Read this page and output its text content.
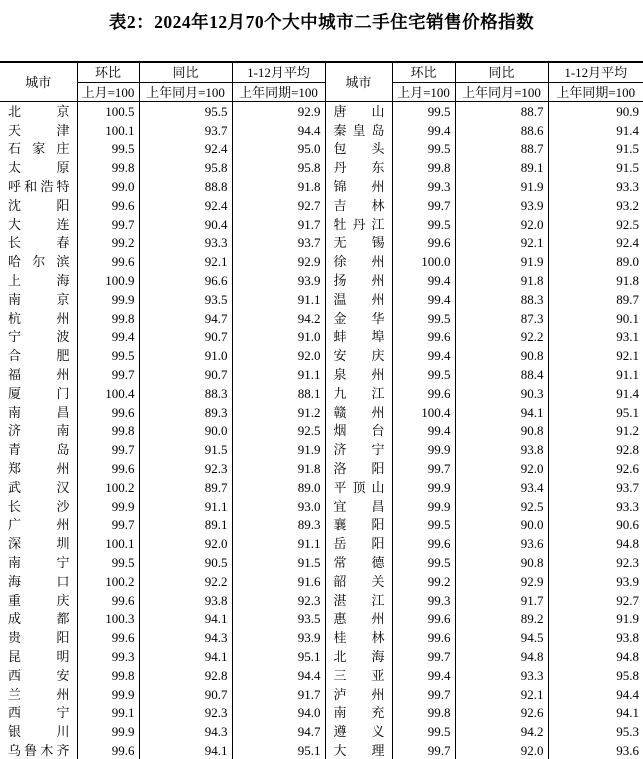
表2：2024年12月70个大中城市二手住宅销售价格指数
城市	环比	同比	1-12月平均	城市	环比	同比	1-12月平均
	上月=100	上年同月=100	上年同期=100		上月=100	上年同月=100	上年同期=100

北 京	100.5	95.5	92.9	唐 山	99.5	88.7	90.9

天 津	100.1	93.7	94.4	秦 皇 岛	99.4	88.6	91.4

石 家 庄	99.5	92.4	95.0	包 头	99.5	88.7	91.5

太 原	99.8	95.8	95.8	丹 东	99.8	89.1	91.5

呼 和 浩 特	99.0	88.8	91.8	锦 州	99.3	91.9	93.3

沈 阳	99.6	92.4	92.7	吉 林	99.7	93.9	93.2

大 连	99.7	90.4	91.7	牡 丹 江	99.5	92.0	92.5

长 春	99.2	93.3	93.7	无 锡	99.6	92.1	92.4

哈 尔 滨	99.6	92.1	92.9	徐 州	100.0	91.9	89.0

上 海	100.9	96.6	93.9	扬 州	99.4	91.8	91.8

南 京	99.9	93.5	91.1	温 州	99.4	88.3	89.7

杭 州	99.8	94.7	94.2	金 华	99.5	87.3	90.1

宁 波	99.4	90.7	91.0	蚌 埠	99.6	92.2	93.1

合 肥	99.5	91.0	92.0	安 庆	99.4	90.8	92.1

福 州	99.7	90.7	91.1	泉 州	99.5	88.4	91.1

厦 门	100.4	88.3	88.1	九 江	99.6	90.3	91.4

南 昌	99.6	89.3	91.2	赣 州	100.4	94.1	95.1

济 南	99.8	90.0	92.5	烟 台	99.4	90.8	91.2

青 岛	99.7	91.5	91.9	济 宁	99.9	93.8	92.8

郑 州	99.6	92.3	91.8	洛 阳	99.7	92.0	92.6

武 汉	100.2	89.7	89.0	平 顶 山	99.9	93.4	93.7

长 沙	99.9	91.1	93.0	宜 昌	99.9	92.5	93.3

广 州	99.7	89.1	89.3	襄 阳	99.5	90.0	90.6

深 圳	100.1	92.0	91.1	岳 阳	99.6	93.6	94.8

南 宁	99.5	90.5	91.5	常 德	99.5	90.8	92.3

海 口	100.2	92.2	91.6	韶 关	99.2	92.9	93.9

重 庆	99.6	93.8	92.3	湛 江	99.3	91.7	92.7

成 都	100.3	94.1	93.5	惠 州	99.6	89.2	91.9

贵 阳	99.6	94.3	93.9	桂 林	99.6	94.5	93.8

昆 明	99.3	94.1	95.1	北 海	99.7	94.8	94.8

西 安	99.8	92.8	94.4	三 亚	99.4	93.3	95.8

兰 州	99.9	90.7	91.7	泸 州	99.7	92.1	94.4

西 宁	99.1	92.3	94.0	南 充	99.8	92.6	94.1

银 川	99.9	94.3	94.7	遵 义	99.5	94.2	95.3

乌 鲁 木 齐	99.6	94.1	95.1	大 理	99.7	92.0	93.6
